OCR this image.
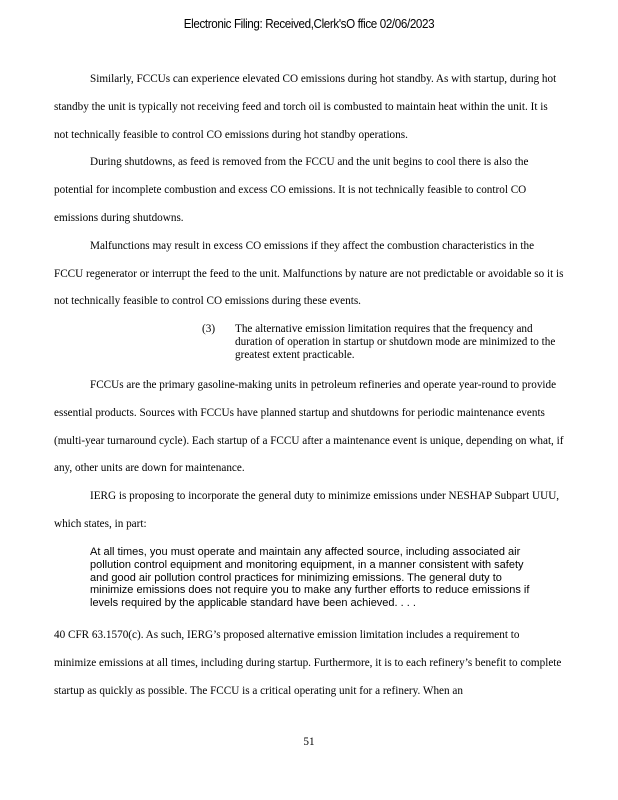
Electronic Filing: Received,Clerk'sO ffice 02/06/2023

Similarly, FCCUs can experience elevated CO emissions during hot standby. As with startup, during hot standby the unit is typically not receiving feed and torch oil is combusted to maintain heat within the unit. It is not technically feasible to control CO emissions during hot standby operations.

During shutdowns, as feed is removed from the FCCU and the unit begins to cool there is also the potential for incomplete combustion and excess CO emissions. It is not technically feasible to control CO emissions during shutdowns.

Malfunctions may result in excess CO emissions if they affect the combustion characteristics in the FCCU regenerator or interrupt the feed to the unit. Malfunctions by nature are not predictable or avoidable so it is not technically feasible to control CO emissions during these events.

(3) The alternative emission limitation requires that the frequency and duration of operation in startup or shutdown mode are minimized to the greatest extent practicable.

FCCUs are the primary gasoline-making units in petroleum refineries and operate year-round to provide essential products. Sources with FCCUs have planned startup and shutdowns for periodic maintenance events (multi-year turnaround cycle). Each startup of a FCCU after a maintenance event is unique, depending on what, if any, other units are down for maintenance.

IERG is proposing to incorporate the general duty to minimize emissions under NESHAP Subpart UUU, which states, in part:

At all times, you must operate and maintain any affected source, including associated air pollution control equipment and monitoring equipment, in a manner consistent with safety and good air pollution control practices for minimizing emissions. The general duty to minimize emissions does not require you to make any further efforts to reduce emissions if levels required by the applicable standard have been achieved. . . .

40 CFR 63.1570(c). As such, IERG’s proposed alternative emission limitation includes a requirement to minimize emissions at all times, including during startup. Furthermore, it is to each refinery’s benefit to complete startup as quickly as possible. The FCCU is a critical operating unit for a refinery. When an

51
